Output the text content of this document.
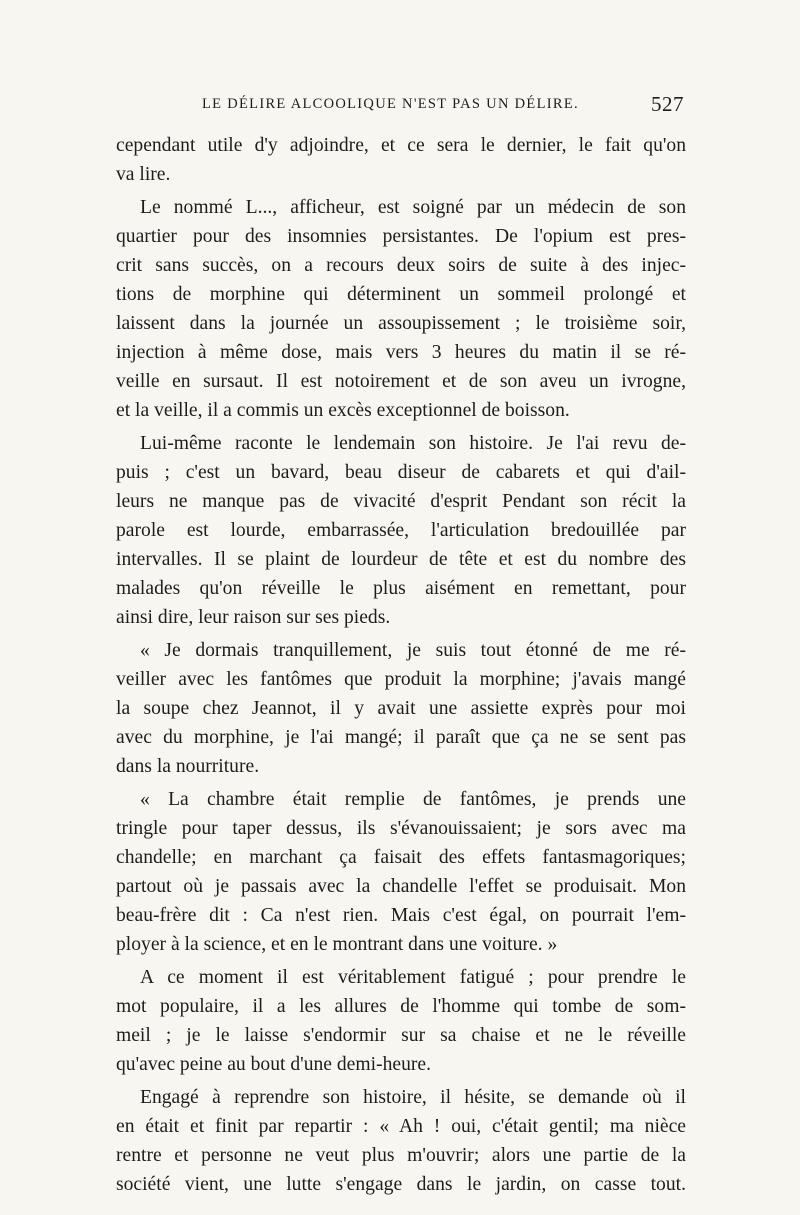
LE DÉLIRE ALCOOLIQUE N'EST PAS UN DÉLIRE.	527
cependant utile d'y adjoindre, et ce sera le dernier, le fait qu'on
va lire.
Le nommé L..., afficheur, est soigné par un médecin de son
quartier pour des insomnies persistantes. De l'opium est pres-
crit sans succès, on a recours deux soirs de suite à des injec-
tions de morphine qui déterminent un sommeil prolongé et
laissent dans la journée un assoupissement ; le troisième soir,
injection à même dose, mais vers 3 heures du matin il se ré-
veille en sursaut. Il est notoirement et de son aveu un ivrogne,
et la veille, il a commis un excès exceptionnel de boisson.
Lui-même raconte le lendemain son histoire. Je l'ai revu de-
puis ; c'est un bavard, beau diseur de cabarets et qui d'ail-
leurs ne manque pas de vivacité d'esprit Pendant son récit la
parole est lourde, embarrassée, l'articulation bredouillée par
intervalles. Il se plaint de lourdeur de tête et est du nombre des
malades qu'on réveille le plus aisément en remettant, pour
ainsi dire, leur raison sur ses pieds.
« Je dormais tranquillement, je suis tout étonné de me ré-
veiller avec les fantômes que produit la morphine; j'avais mangé
la soupe chez Jeannot, il y avait une assiette exprès pour moi
avec du morphine, je l'ai mangé; il paraît que ça ne se sent pas
dans la nourriture.
« La chambre était remplie de fantômes, je prends une
tringle pour taper dessus, ils s'évanouissaient; je sors avec ma
chandelle; en marchant ça faisait des effets fantasmagoriques;
partout où je passais avec la chandelle l'effet se produisait. Mon
beau-frère dit : Ca n'est rien. Mais c'est égal, on pourrait l'em-
ployer à la science, et en le montrant dans une voiture. »
A ce moment il est véritablement fatigué ; pour prendre le
mot populaire, il a les allures de l'homme qui tombe de som-
meil ; je le laisse s'endormir sur sa chaise et ne le réveille
qu'avec peine au bout d'une demi-heure.
Engagé à reprendre son histoire, il hésite, se demande où il
en était et finit par repartir : « Ah ! oui, c'était gentil; ma nièce
rentre et personne ne veut plus m'ouvrir; alors une partie de la
société vient, une lutte s'engage dans le jardin, on casse tout.
